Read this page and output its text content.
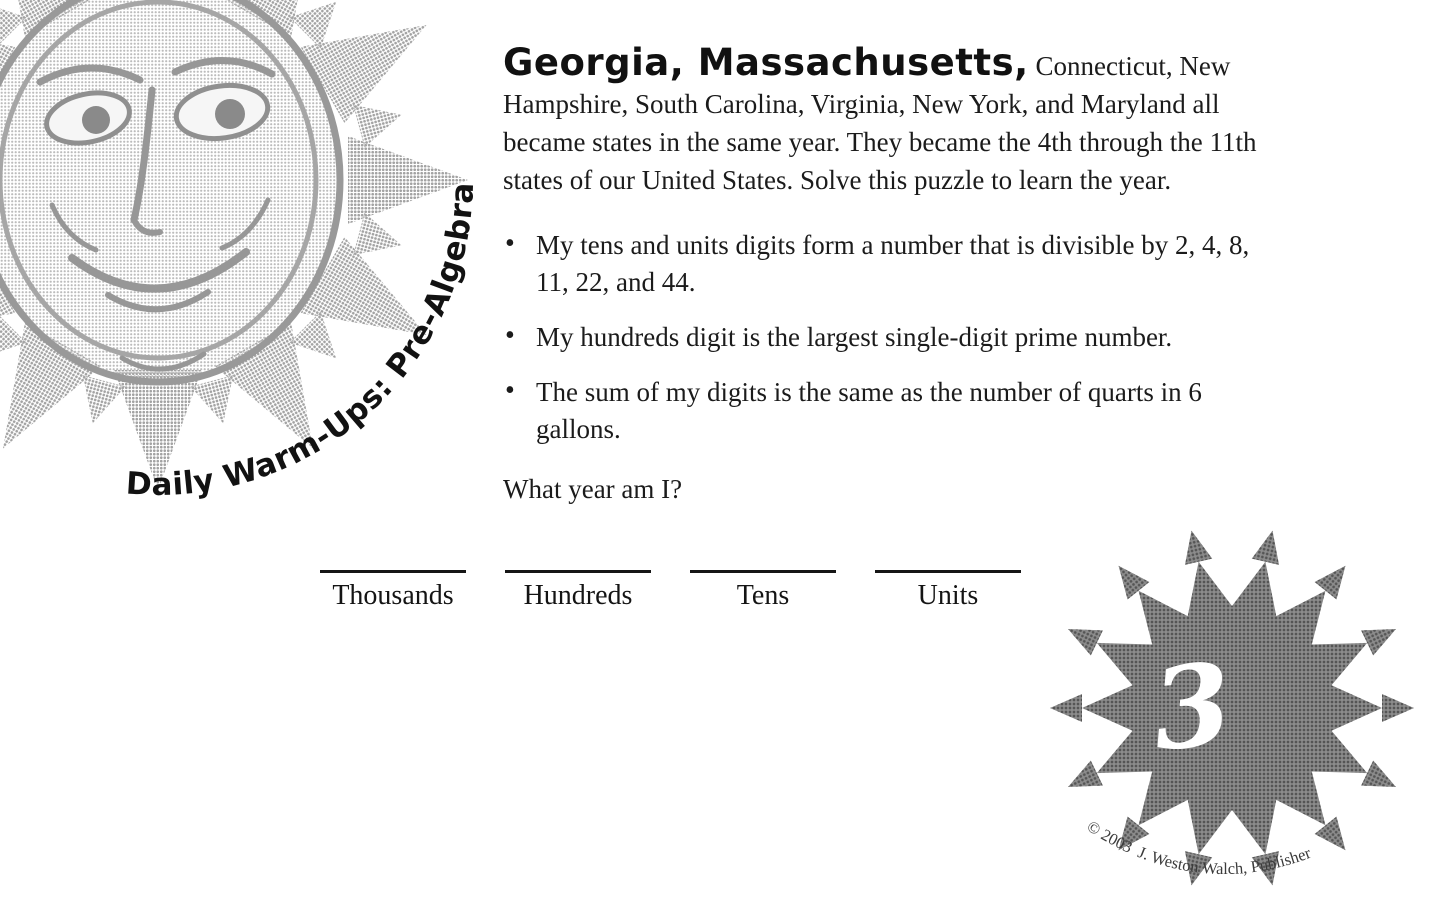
Daily Warm-Ups: Pre-Algebra

Georgia, Massachusetts, Connecticut, New Hampshire, South Carolina, Virginia, New York, and Maryland all became states in the same year. They became the 4th through the 11th states of our United States. Solve this puzzle to learn the year.

• My tens and units digits form a number that is divisible by 2, 4, 8, 11, 22, and 44.
• My hundreds digit is the largest single-digit prime number.
• The sum of my digits is the same as the number of quarts in 6 gallons.

What year am I?

Thousands	Hundreds	Tens	Units
3
© 2003  J. Weston Walch, Publisher
